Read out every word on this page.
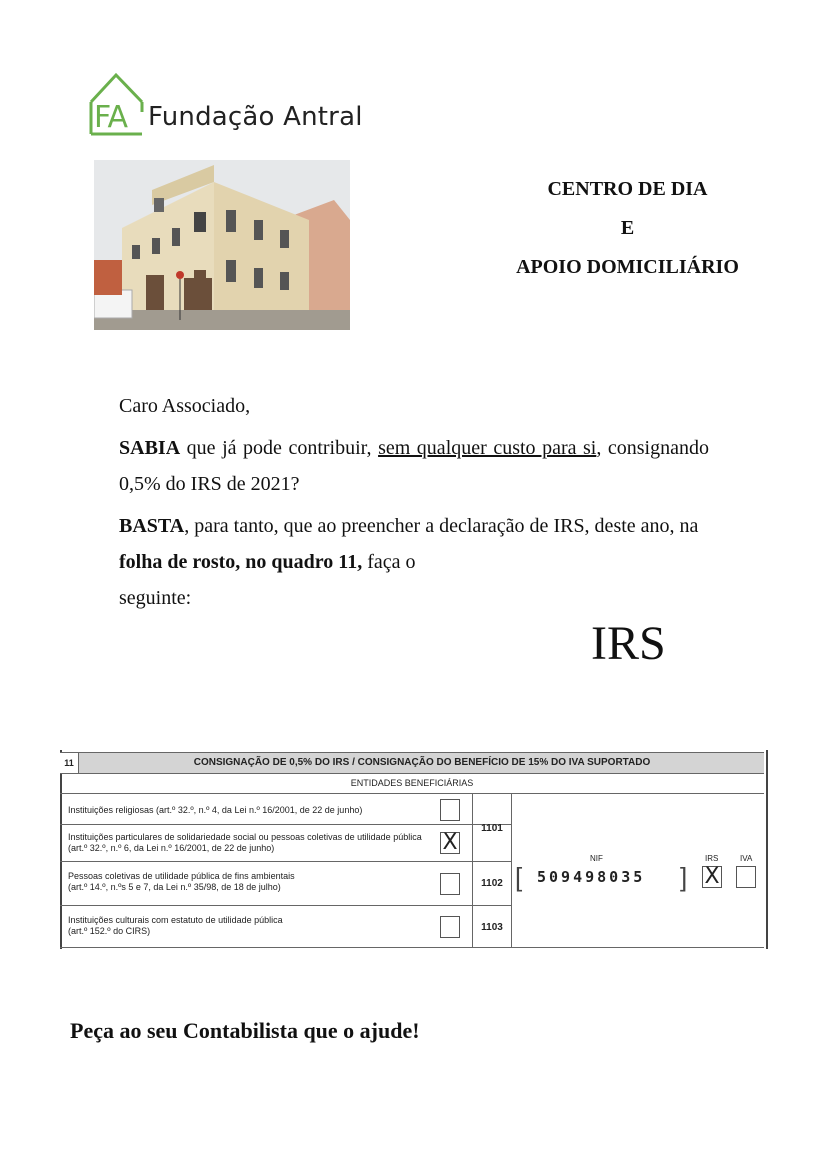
FA Fundação Antral
CENTRO DE DIA
E
APOIO DOMICILIÁRIO

Caro Associado,

SABIA que já pode contribuir, sem qualquer custo para si, consignando 0,5% do IRS de 2021?

BASTA, para tanto, que ao preencher a declaração de IRS, deste ano, na folha de rosto, no quadro 11, faça o

seguinte:

IRS
11	CONSIGNAÇÃO DE 0,5% DO IRS / CONSIGNAÇÃO DO BENEFÍCIO DE 15% DO IVA SUPORTADO
ENTIDADES BENEFICIÁRIAS
Instituições religiosas (art.º 32.º, n.º 4, da Lei n.º 16/2001, de 22 de junho)
Instituições particulares de solidariedade social ou pessoas coletivas de utilidade pública
(art.º 32.º, n.º 6, da Lei n.º 16/2001, de 22 de junho)	X
Pessoas coletivas de utilidade pública de fins ambientais
(art.º 14.º, n.ºs 5 e 7, da Lei n.º 35/98, de 18 de julho)
Instituições culturais com estatuto de utilidade pública
(art.º 152.º do CIRS)
1101
1102
1103
NIF
[ 509498035 ]
IRS
X
IVA
Peça ao seu Contabilista que o ajude!
